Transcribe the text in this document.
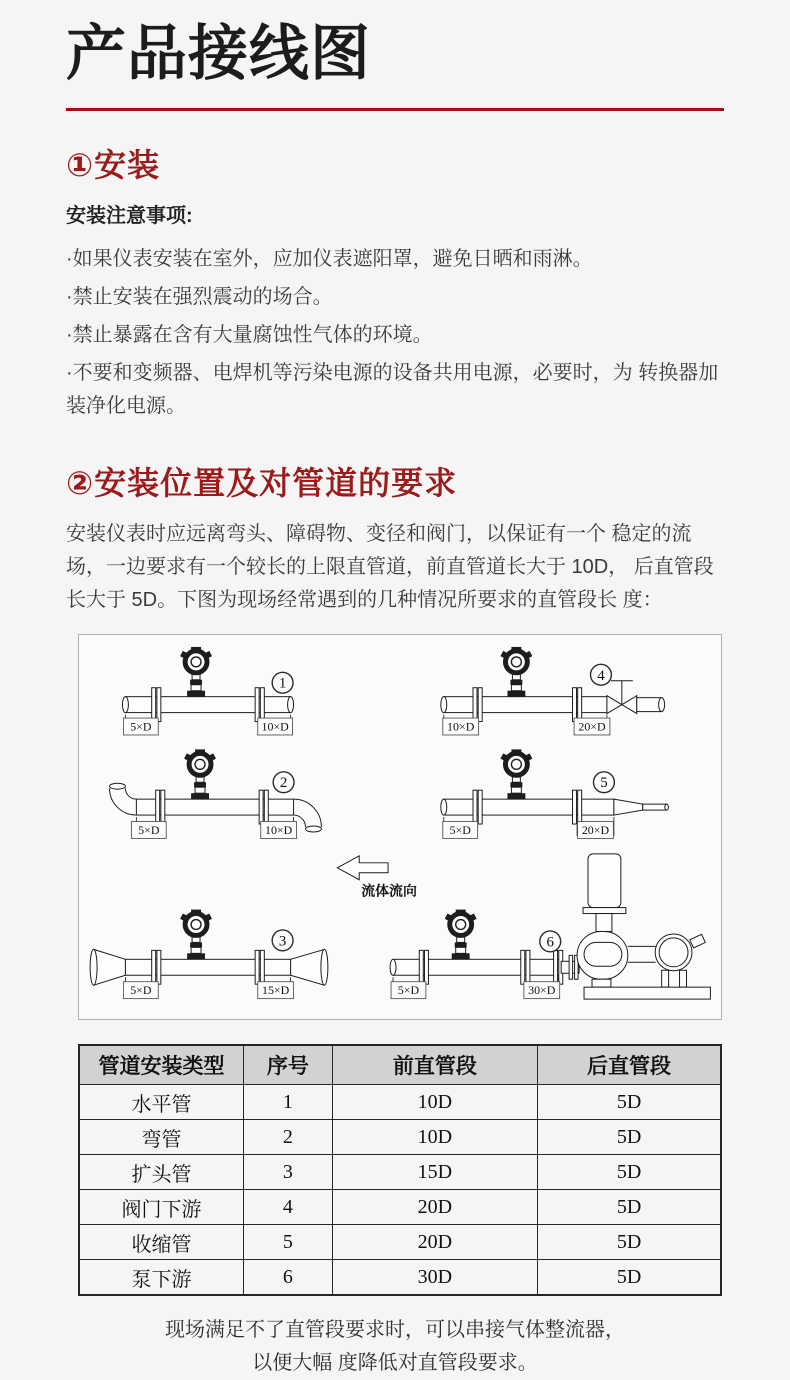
产品接线图
①安装

安装注意事项:

·如果仪表安装在室外，应加仪表遮阳罩，避免日晒和雨淋。
·禁止安装在强烈震动的场合。
·禁止暴露在含有大量腐蚀性气体的环境。
·不要和变频器、电焊机等污染电源的设备共用电源，必要时，为 转换器加装净化电源。
②安装位置及对管道的要求

安装仪表时应远离弯头、障碍物、变径和阀门，以保证有一个 稳定的流场，一边要求有一个较长的上限直管道，前直管道长大于 10D， 后直管段长大于 5D。下图为现场经常遇到的几种情况所要求的直管段长 度：

5×D	10×D
1
10×D	20×D
4
5×D	10×D
2
5×D	20×D
5
流体流向
5×D	15×D
3
5×D	30×D
6
管道安装类型	序号	前直管段	后直管段
水平管	1	10D	5D
弯管	2	10D	5D
扩头管	3	15D	5D
阀门下游	4	20D	5D
收缩管	5	20D	5D
泵下游	6	30D	5D
现场满足不了直管段要求时，可以串接气体整流器，
以便大幅 度降低对直管段要求。
